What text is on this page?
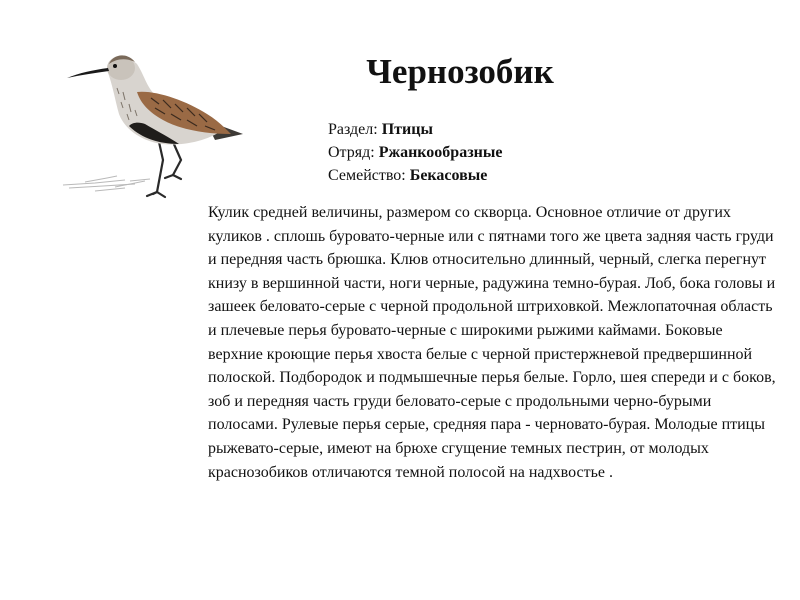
Чернозобик
Раздел: Птицы
Отряд: Ржанкообразные
Семейство: Бекасовые

Кулик средней величины, размером со скворца. Основное отличие от других куликов . сплошь буровато-черные или с пятнами того же цвета задняя часть груди и передняя часть брюшка. Клюв относительно длинный, черный, слегка перегнут книзу в вершинной части, ноги черные, радужина темно-бурая. Лоб, бока головы и зашеек беловато-серые с черной продольной штриховкой. Межлопаточная область и плечевые перья буровато-черные с широкими рыжими каймами. Боковые верхние кроющие перья хвоста белые с черной пристержневой предвершинной полоской. Подбородок и подмышечные перья белые. Горло, шея спереди и с боков, зоб и передняя часть груди беловато-серые с продольными черно-бурыми полосами. Рулевые перья серые, средняя пара - черновато-бурая. Молодые птицы рыжевато-серые, имеют на брюхе сгущение темных пестрин, от молодых краснозобиков отличаются темной полосой на надхвостье .
